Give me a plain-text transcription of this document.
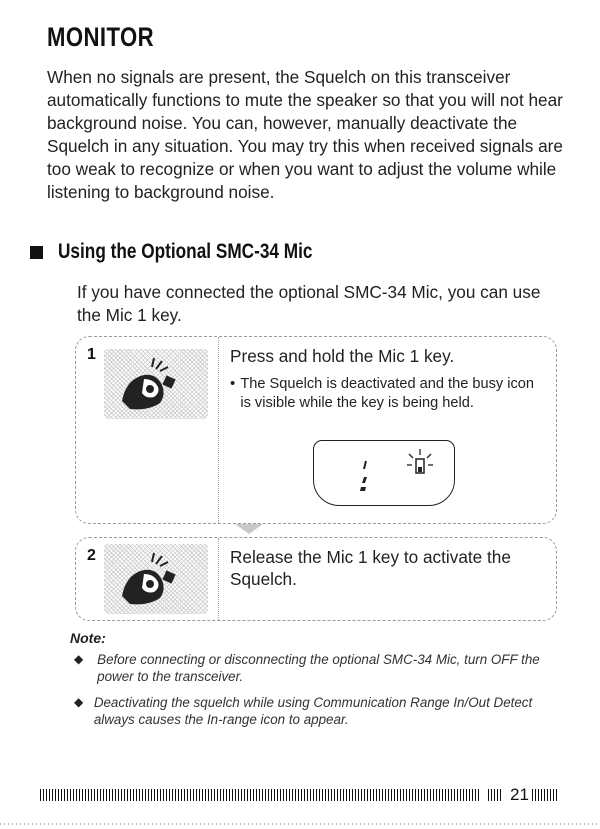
MONITOR
When no signals are present, the Squelch on this transceiver automatically functions to mute the speaker so that you will not hear background noise. You can, however, manually deactivate the Squelch in any situation. You may try this when received signals are too weak to recognize or when you want to adjust the volume while listening to background noise.
Using the Optional SMC-34 Mic
If you have connected the optional SMC-34 Mic, you can use the Mic 1 key.
1	Press and hold the Mic 1 key.
• The Squelch is deactivated and the busy icon is visible while the key is being held.
2	Release the Mic 1 key to activate the Squelch.
Note:
◆	Before connecting or disconnecting the optional SMC-34 Mic, turn OFF the power to the transceiver.
◆ Deactivating the squelch while using Communication Range In/Out Detect always causes the In-range icon to appear.
21
